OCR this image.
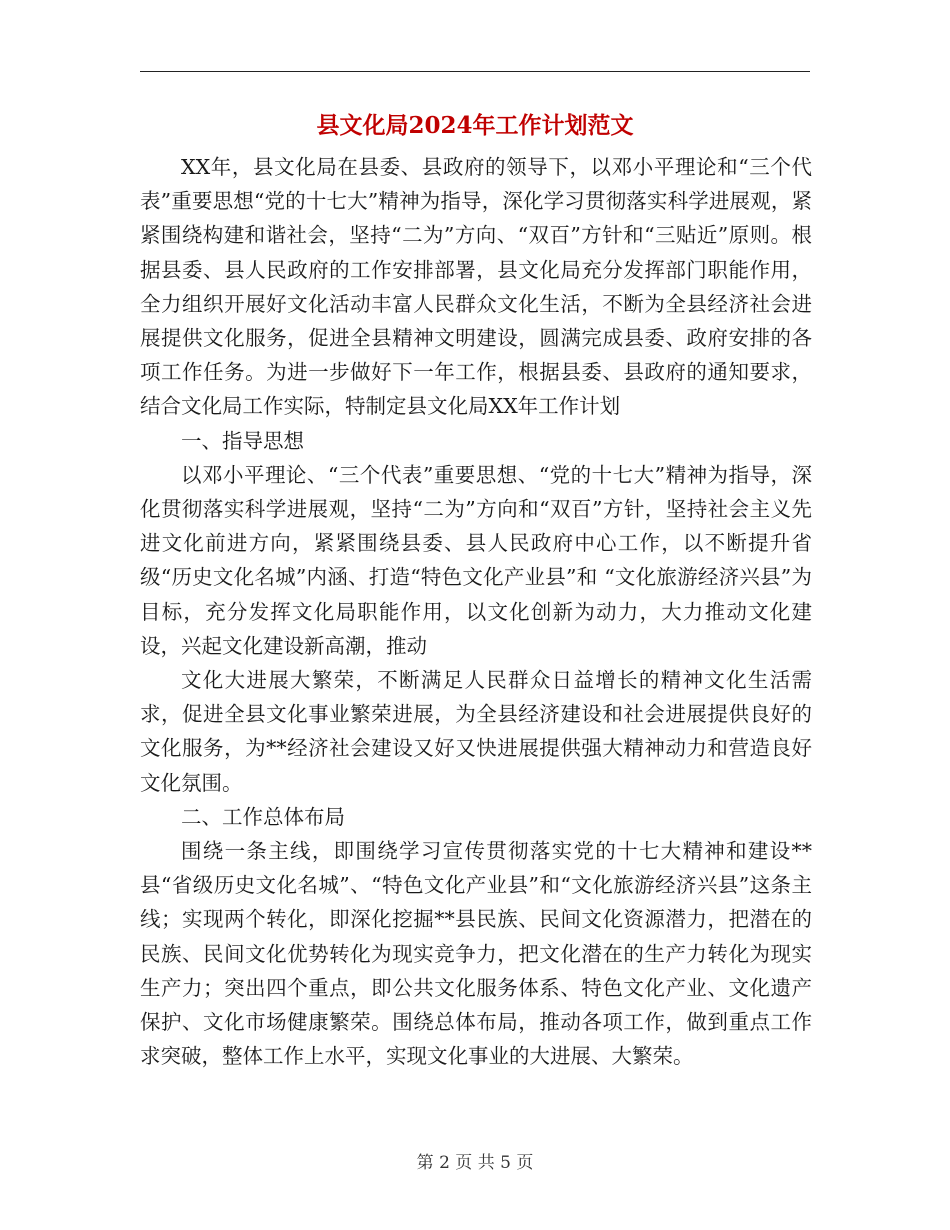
县文化局2024年工作计划范文

XX年，县文化局在县委、县政府的领导下，以邓小平理论和“三个代表”重要思想“党的十七大”精神为指导，深化学习贯彻落实科学进展观，紧紧围绕构建和谐社会，坚持“二为”方向、“双百”方针和“三贴近”原则。根据县委、县人民政府的工作安排部署，县文化局充分发挥部门职能作用，全力组织开展好文化活动丰富人民群众文化生活，不断为全县经济社会进展提供文化服务，促进全县精神文明建设，圆满完成县委、政府安排的各项工作任务。为进一步做好下一年工作，根据县委、县政府的通知要求，结合文化局工作实际，特制定县文化局XX年工作计划

一、指导思想

以邓小平理论、“三个代表”重要思想、“党的十七大”精神为指导，深化贯彻落实科学进展观，坚持“二为”方向和“双百”方针，坚持社会主义先进文化前进方向，紧紧围绕县委、县人民政府中心工作，以不断提升省级“历史文化名城”内涵、打造“特色文化产业县”和 “文化旅游经济兴县”为目标，充分发挥文化局职能作用，以文化创新为动力，大力推动文化建设，兴起文化建设新高潮，推动

文化大进展大繁荣，不断满足人民群众日益增长的精神文化生活需求，促进全县文化事业繁荣进展，为全县经济建设和社会进展提供良好的文化服务，为**经济社会建设又好又快进展提供强大精神动力和营造良好文化氛围。

二、工作总体布局

围绕一条主线，即围绕学习宣传贯彻落实党的十七大精神和建设**县“省级历史文化名城”、“特色文化产业县”和“文化旅游经济兴县”这条主线；实现两个转化，即深化挖掘**县民族、民间文化资源潜力，把潜在的民族、民间文化优势转化为现实竞争力，把文化潜在的生产力转化为现实生产力；突出四个重点，即公共文化服务体系、特色文化产业、文化遗产保护、文化市场健康繁荣。围绕总体布局，推动各项工作，做到重点工作求突破，整体工作上水平，实现文化事业的大进展、大繁荣。

第 2 页 共 5 页
